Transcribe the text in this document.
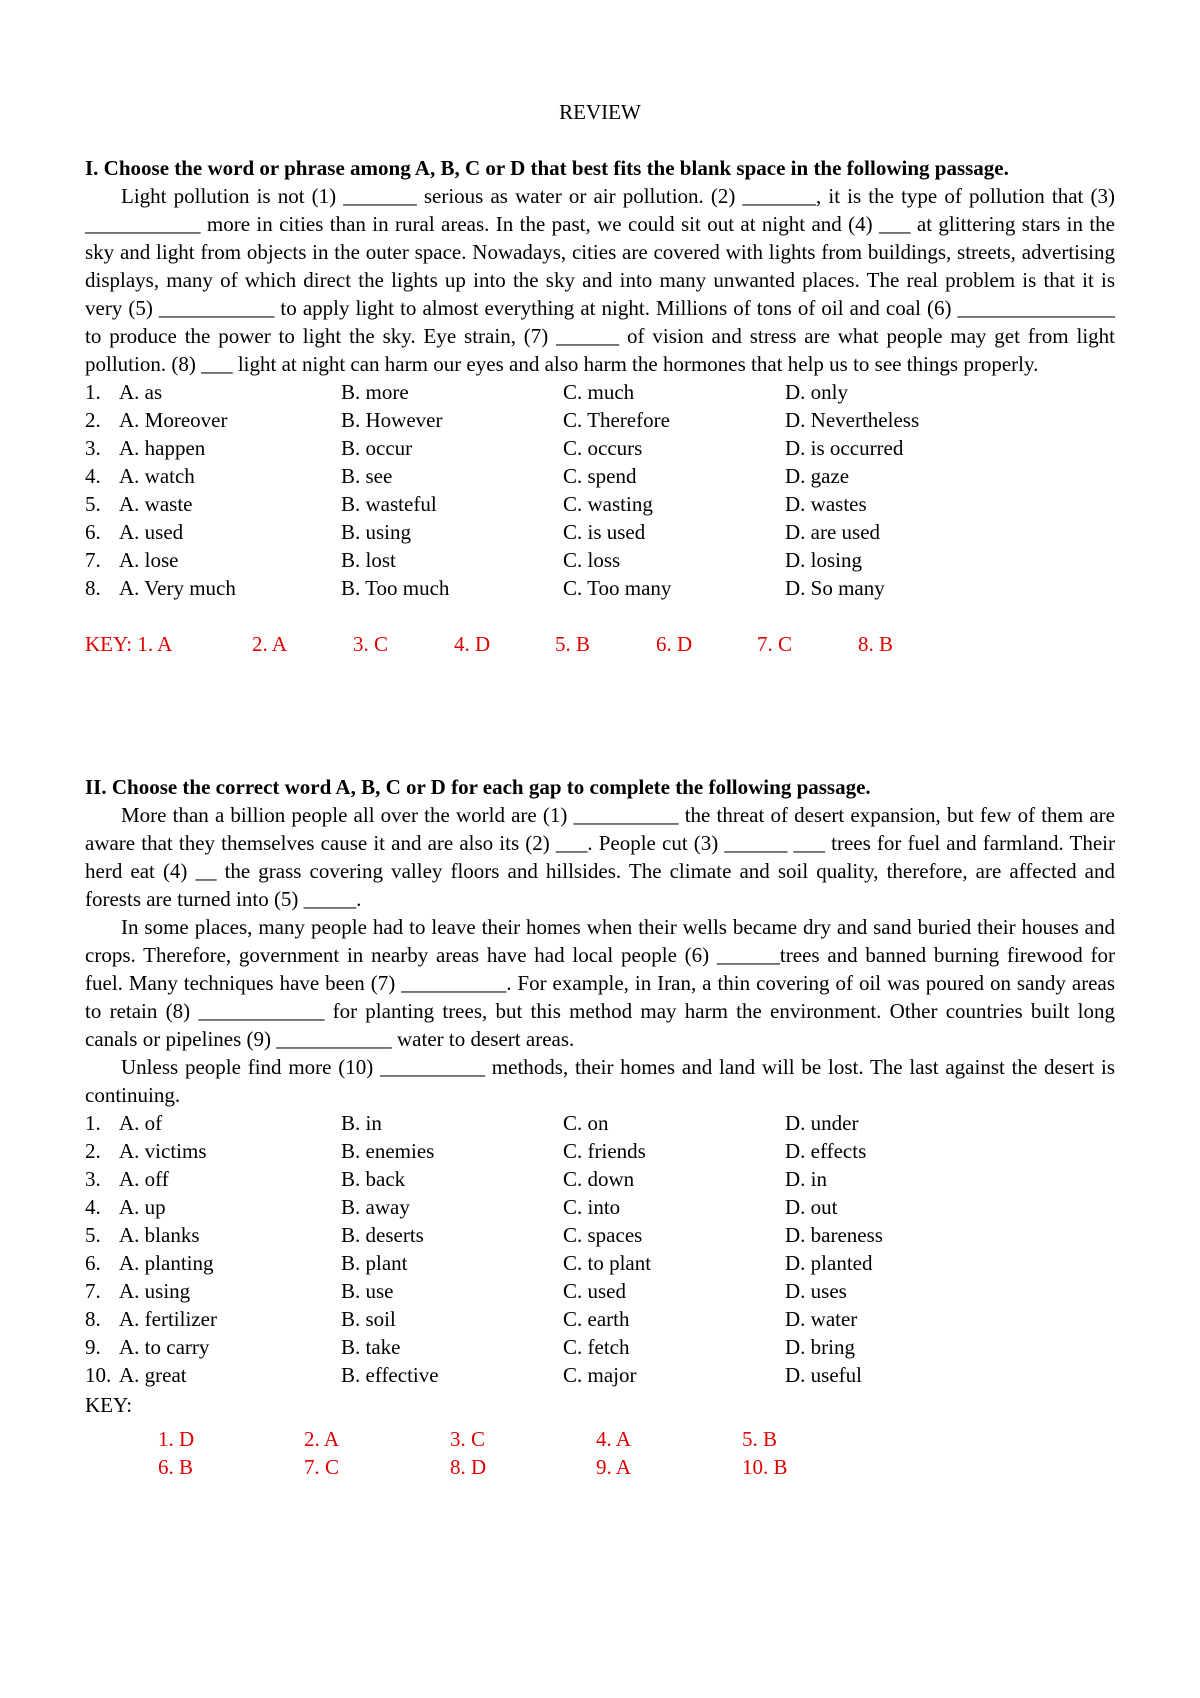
REVIEW
I. Choose the word or phrase among A, B, C or D that best fits the blank space in the following passage.
Light pollution is not (1) _______ serious as water or air pollution. (2) _______, it is the type of pollution that (3) ___________ more in cities than in rural areas. In the past, we could sit out at night and (4) ___ at glittering stars in the sky and light from objects in the outer space. Nowadays, cities are covered with lights from buildings, streets, advertising displays, many of which direct the lights up into the sky and into many unwanted places. The real problem is that it is very (5) ___________ to apply light to almost everything at night. Millions of tons of oil and coal (6) _______________ to produce the power to light the sky. Eye strain, (7) ______ of vision and stress are what people may get from light pollution. (8) ___ light at night can harm our eyes and also harm the hormones that help us to see things properly.
1. A. as	B. more	C. much	D. only
2. A. Moreover	B. However	C. Therefore	D. Nevertheless
3. A. happen	B. occur	C. occurs	D. is occurred
4. A. watch	B. see	C. spend	D. gaze
5. A. waste	B. wasteful	C. wasting	D. wastes
6. A. used	B. using	C. is used	D. are used
7. A. lose	B. lost	C. loss	D. losing
8. A. Very much	B. Too much	C. Too many	D. So many
KEY: 1. A	2. A	3. C	4. D	5. B	6. D	7. C	8. B
II. Choose the correct word A, B, C or D for each gap to complete the following passage.
More than a billion people all over the world are (1) __________ the threat of desert expansion, but few of them are aware that they themselves cause it and are also its (2) ___. People cut (3) ______ ___ trees for fuel and farmland. Their herd eat (4) __ the grass covering valley floors and hillsides. The climate and soil quality, therefore, are affected and forests are turned into (5) _____.
In some places, many people had to leave their homes when their wells became dry and sand buried their houses and crops. Therefore, government in nearby areas have had local people (6) ______trees and banned burning firewood for fuel. Many techniques have been (7) __________. For example, in Iran, a thin covering of oil was poured on sandy areas to retain (8) ____________ for planting trees, but this method may harm the environment. Other countries built long canals or pipelines (9) ___________ water to desert areas.
Unless people find more (10) __________ methods, their homes and land will be lost. The last against the desert is continuing.
1. A. of	B. in	C. on	D. under
2. A. victims	B. enemies	C. friends	D. effects
3. A. off	B. back	C. down	D. in
4. A. up	B. away	C. into	D. out
5. A. blanks	B. deserts	C. spaces	D. bareness
6. A. planting	B. plant	C. to plant	D. planted
7. A. using	B. use	C. used	D. uses
8. A. fertilizer	B. soil	C. earth	D. water
9. A. to carry	B. take	C. fetch	D. bring
10. A. great	B. effective	C. major	D. useful
KEY:
1. D	2. A	3. C	4. A	5. B
6. B	7. C	8. D	9. A	10. B
